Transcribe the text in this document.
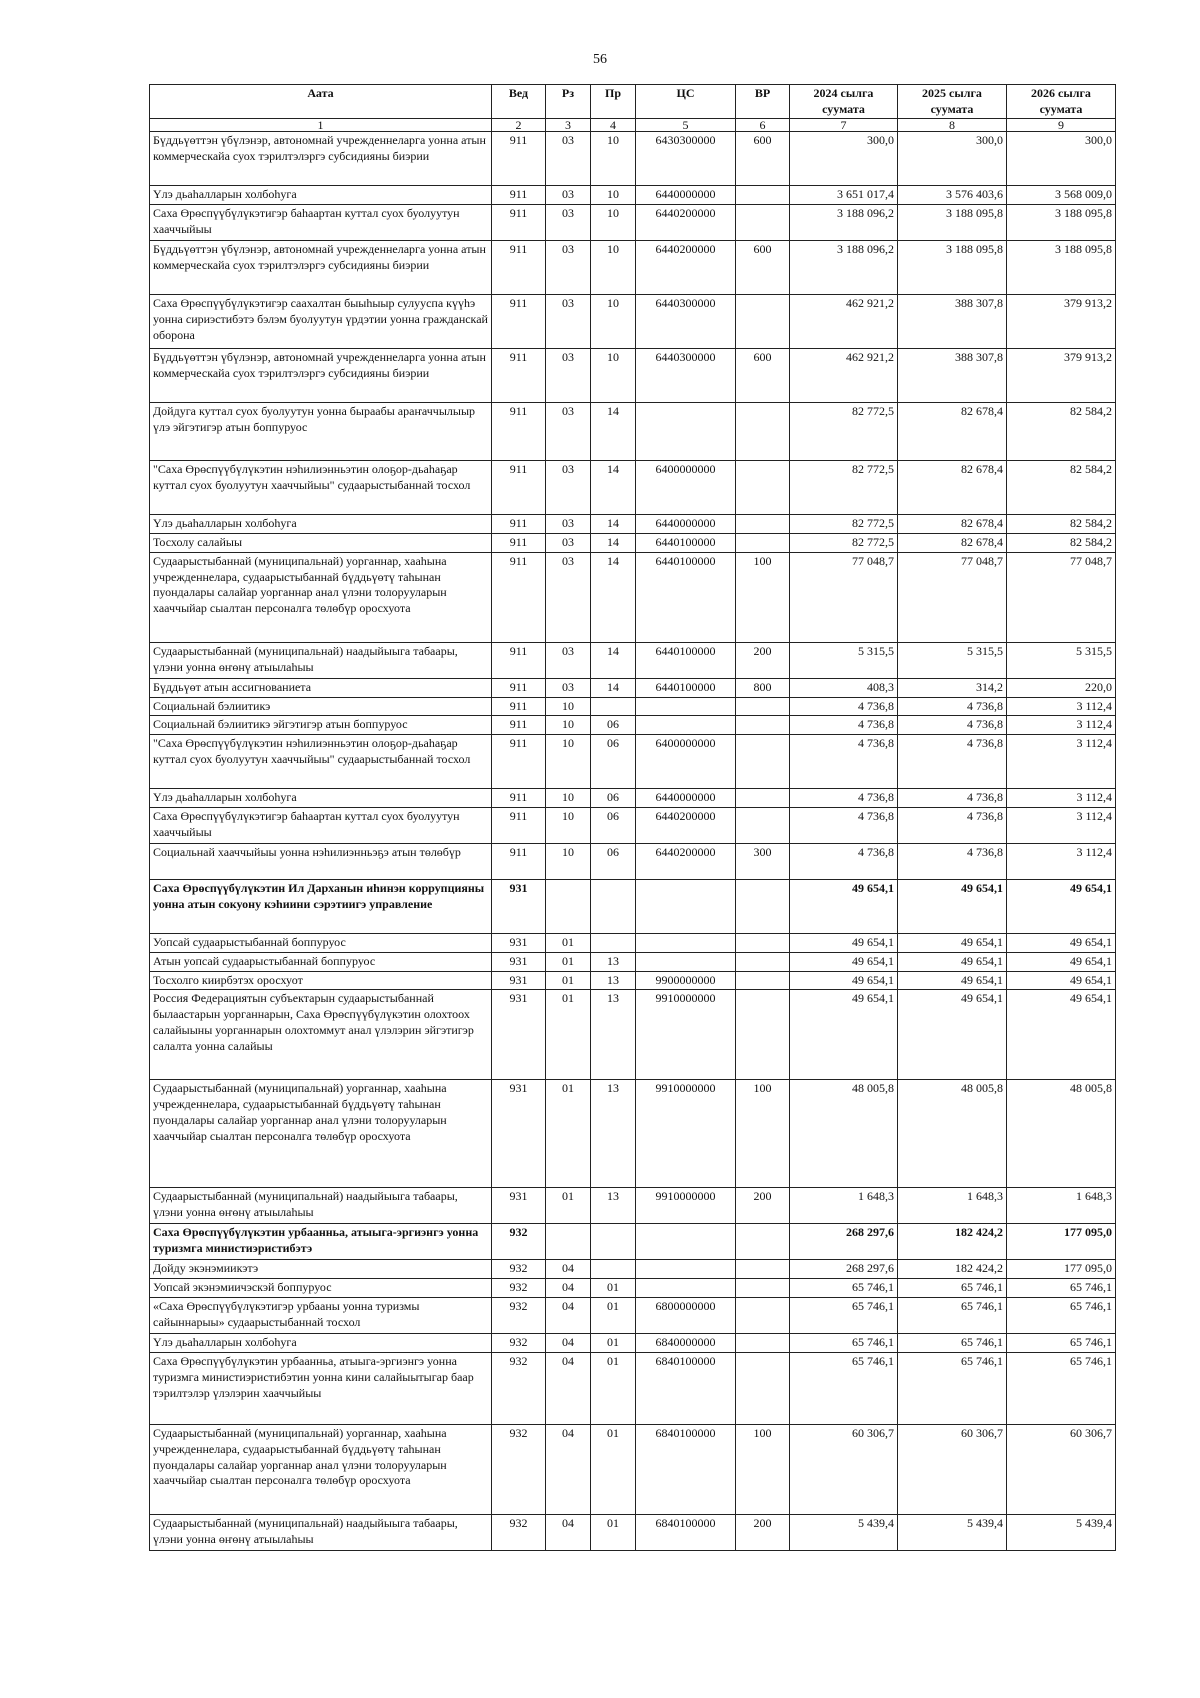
56
Аата	Вед	Рз	Пр	ЦС	ВР	2024 сылга суумата	2025 сылга суумата	2026 сылга суумата
1	2	3	4	5	6	7	8	9
Бүддьүөттэн үбүлэнэр, автономнай учрежденнеларга уонна атын коммерческайа суох тэрилтэлэргэ субсидияны биэрии	911	03	10	6430300000	600	300,0	300,0	300,0
Үлэ дьаһалларын холбоһуга	911	03	10	6440000000		3 651 017,4	3 576 403,6	3 568 009,0
Саха Өрөспүүбүлүкэтигэр баһаартан куттал суох буолуутун хааччыйыы	911	03	10	6440200000		3 188 096,2	3 188 095,8	3 188 095,8
Бүддьүөттэн үбүлэнэр, автономнай учрежденнеларга уонна атын коммерческайа суох тэрилтэлэргэ субсидияны биэрии	911	03	10	6440200000	600	3 188 096,2	3 188 095,8	3 188 095,8
Саха Өрөспүүбүлүкэтигэр саахалтан быыһыыр сулууспа күүһэ уонна сириэстибэтэ бэлэм буолуутун үрдэтии уонна гражданскай оборона	911	03	10	6440300000		462 921,2	388 307,8	379 913,2
Бүддьүөттэн үбүлэнэр, автономнай учрежденнеларга уонна атын коммерческайа суох тэрилтэлэргэ субсидияны биэрии	911	03	10	6440300000	600	462 921,2	388 307,8	379 913,2
Дойдуга куттал суох буолуутун уонна быраабы араҥаччылыыр үлэ эйгэтигэр атын боппуруос	911	03	14			82 772,5	82 678,4	82 584,2
"Саха Өрөспүүбүлүкэтин нэһилиэнньэтин олоҕор-дьаһаҕар куттал суох буолуутун хааччыйыы" судаарыстыбаннай тосхол	911	03	14	6400000000		82 772,5	82 678,4	82 584,2
Үлэ дьаһалларын холбоһуга	911	03	14	6440000000		82 772,5	82 678,4	82 584,2
Тосхолу салайыы	911	03	14	6440100000		82 772,5	82 678,4	82 584,2
Судаарыстыбаннай (муниципальнай) уорганнар, хааһына учрежденнелара, судаарыстыбаннай бүддьүөтү таһынан пуондалары салайар уорганнар анал үлэни толорууларын хааччыйар сыалтан персоналга төлөбүр оросхуота	911	03	14	6440100000	100	77 048,7	77 048,7	77 048,7
Судаарыстыбаннай (муниципальнай) наадыйыыга табаары, үлэни уонна өҥөнү атыылаһыы	911	03	14	6440100000	200	5 315,5	5 315,5	5 315,5
Бүддьүөт атын ассигнованиета	911	03	14	6440100000	800	408,3	314,2	220,0
Социальнай бэлиитикэ	911	10				4 736,8	4 736,8	3 112,4
Социальнай бэлиитикэ эйгэтигэр атын боппуруос	911	10	06			4 736,8	4 736,8	3 112,4
"Саха Өрөспүүбүлүкэтин нэһилиэнньэтин олоҕор-дьаһаҕар куттал суох буолуутун хааччыйыы" судаарыстыбаннай тосхол	911	10	06	6400000000		4 736,8	4 736,8	3 112,4
Үлэ дьаһалларын холбоһуга	911	10	06	6440000000		4 736,8	4 736,8	3 112,4
Саха Өрөспүүбүлүкэтигэр баһаартан куттал суох буолуутун хааччыйыы	911	10	06	6440200000		4 736,8	4 736,8	3 112,4
Социальнай хааччыйыы уонна нэһилиэнньэҕэ атын төлөбүр	911	10	06	6440200000	300	4 736,8	4 736,8	3 112,4
Саха Өрөспүүбүлүкэтин Ил Дарханын иһинэн коррупцияны уонна атын сокуону кэһиини сэрэтиигэ управление	931					49 654,1	49 654,1	49 654,1
Уопсай судаарыстыбаннай боппуруос	931	01				49 654,1	49 654,1	49 654,1
Атын уопсай судаарыстыбаннай боппуруос	931	01	13			49 654,1	49 654,1	49 654,1
Тосхолго киирбэтэх оросхуот	931	01	13	9900000000		49 654,1	49 654,1	49 654,1
Россия Федерациятын субъектарын судаарыстыбаннай былаастарын уорганнарын, Саха Өрөспүүбүлүкэтин олохтоох салайыыны уорганнарын олохтоммут анал үлэлэрин эйгэтигэр салалта уонна салайыы	931	01	13	9910000000		49 654,1	49 654,1	49 654,1
Судаарыстыбаннай (муниципальнай) уорганнар, хааһына учрежденнелара, судаарыстыбаннай бүддьүөтү таһынан пуондалары салайар уорганнар анал үлэни толорууларын хааччыйар сыалтан персоналга төлөбүр оросхуота	931	01	13	9910000000	100	48 005,8	48 005,8	48 005,8
Судаарыстыбаннай (муниципальнай) наадыйыыга табаары, үлэни уонна өҥөнү атыылаһыы	931	01	13	9910000000	200	1 648,3	1 648,3	1 648,3
Саха Өрөспүүбүлүкэтин урбаанньа, атыыга-эргиэнгэ уонна туризмга министиэристибэтэ	932					268 297,6	182 424,2	177 095,0
Дойду экэнэмиикэтэ	932	04				268 297,6	182 424,2	177 095,0
Уопсай экэнэмиичэскэй боппуруос	932	04	01			65 746,1	65 746,1	65 746,1
«Саха Өрөспүүбүлүкэтигэр урбааны уонна туризмы сайыннарыы» судаарыстыбаннай тосхол	932	04	01	6800000000		65 746,1	65 746,1	65 746,1
Үлэ дьаһалларын холбоһуга	932	04	01	6840000000		65 746,1	65 746,1	65 746,1
Саха Өрөспүүбүлүкэтин урбаанньа, атыыга-эргиэнгэ уонна туризмга министиэристибэтин уонна кини салайыытыгар баар тэрилтэлэр үлэлэрин хааччыйыы	932	04	01	6840100000		65 746,1	65 746,1	65 746,1
Судаарыстыбаннай (муниципальнай) уорганнар, хааһына учрежденнелара, судаарыстыбаннай бүддьүөтү таһынан пуондалары салайар уорганнар анал үлэни толорууларын хааччыйар сыалтан персоналга төлөбүр оросхуота	932	04	01	6840100000	100	60 306,7	60 306,7	60 306,7
Судаарыстыбаннай (муниципальнай) наадыйыыга табаары, үлэни уонна өҥөнү атыылаһыы	932	04	01	6840100000	200	5 439,4	5 439,4	5 439,4
